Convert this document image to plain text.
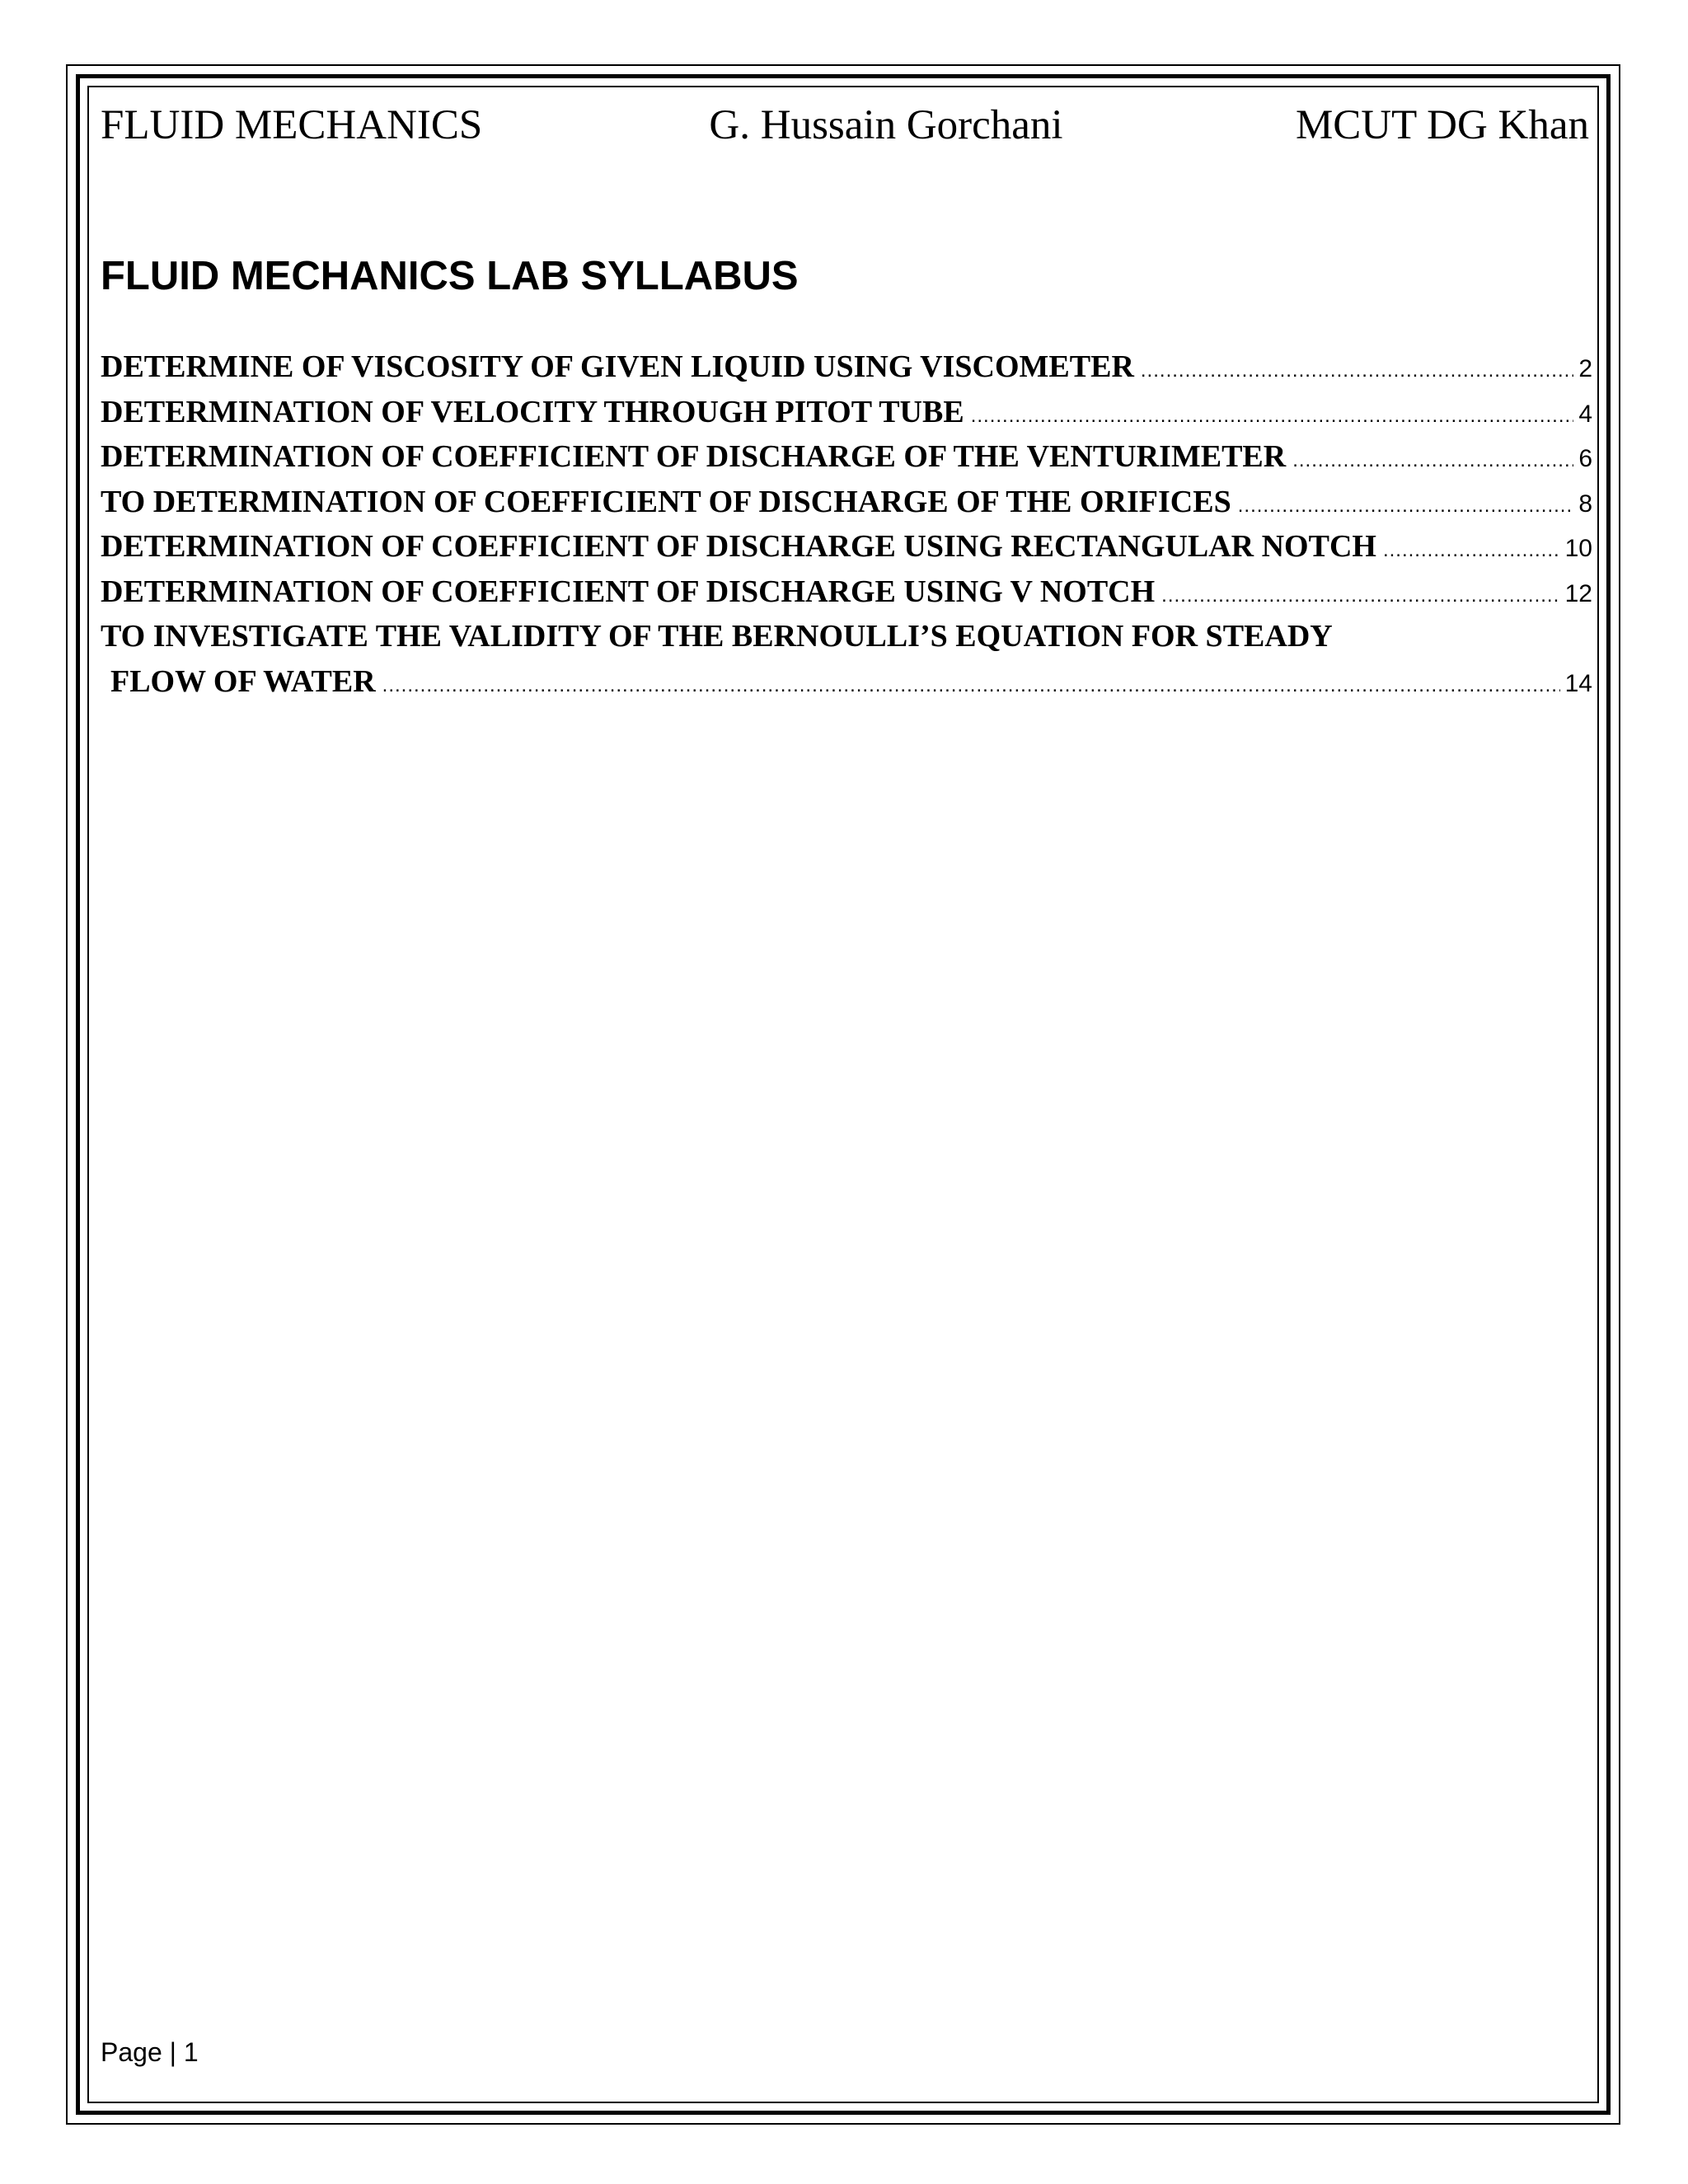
FLUID MECHANICS	G. Hussain Gorchani	MCUT DG Khan
FLUID MECHANICS LAB SYLLABUS
DETERMINE OF VISCOSITY OF GIVEN LIQUID USING VISCOMETER .....	2
DETERMINATION OF VELOCITY THROUGH PITOT TUBE .....	4
DETERMINATION OF COEFFICIENT OF DISCHARGE OF THE VENTURIMETER .....	6
TO DETERMINATION OF COEFFICIENT OF DISCHARGE OF THE ORIFICES .....	8
DETERMINATION OF COEFFICIENT OF DISCHARGE USING RECTANGULAR NOTCH .....	10
DETERMINATION OF COEFFICIENT OF DISCHARGE USING V NOTCH .....	12
TO INVESTIGATE THE VALIDITY OF THE BERNOULLI’S EQUATION FOR STEADY
FLOW OF WATER .....	14
Page | 1
